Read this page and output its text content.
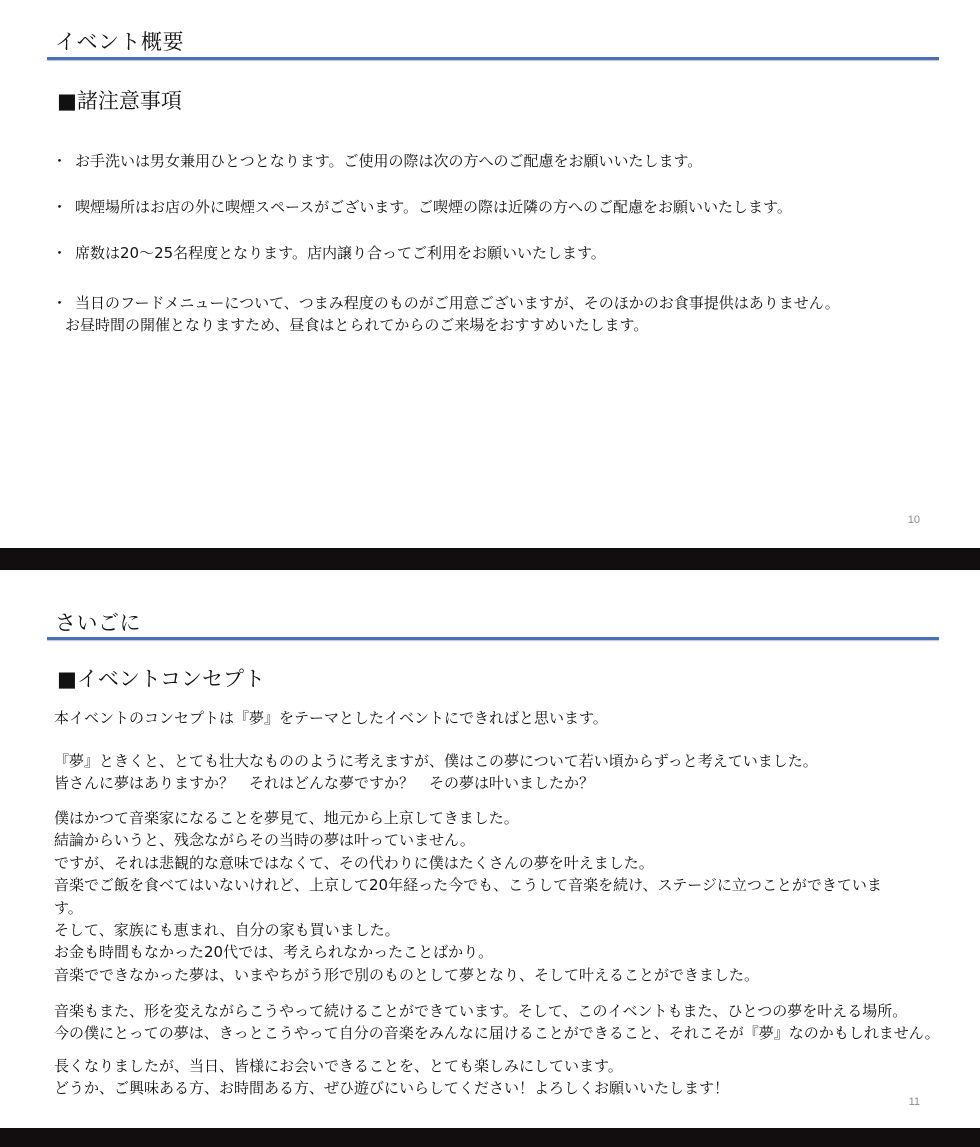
イベント概要
■諸注意事項
・ お手洗いは男女兼用ひとつとなります。ご使用の際は次の方へのご配慮をお願いいたします。
・ 喫煙場所はお店の外に喫煙スペースがございます。ご喫煙の際は近隣の方へのご配慮をお願いいたします。
・ 席数は20～25名程度となります。店内譲り合ってご利用をお願いいたします。
・ 当日のフードメニューについて、つまみ程度のものがご用意ございますが、そのほかのお食事提供はありません。
お昼時間の開催となりますため、昼食はとられてからのご来場をおすすめいたします。
10
さいごに
■イベントコンセプト
本イベントのコンセプトは『夢』をテーマとしたイベントにできればと思います。
『夢』ときくと、とても壮大なもののように考えますが、僕はこの夢について若い頃からずっと考えていました。
皆さんに夢はありますか？　それはどんな夢ですか？　その夢は叶いましたか？
僕はかつて音楽家になることを夢見て、地元から上京してきました。
結論からいうと、残念ながらその当時の夢は叶っていません。
ですが、それは悲観的な意味ではなくて、その代わりに僕はたくさんの夢を叶えました。
音楽でご飯を食べてはいないけれど、上京して20年経った今でも、こうして音楽を続け、ステージに立つことができていま
す。
そして、家族にも恵まれ、自分の家も買いました。
お金も時間もなかった20代では、考えられなかったことばかり。
音楽でできなかった夢は、いまやちがう形で別のものとして夢となり、そして叶えることができました。
音楽もまた、形を変えながらこうやって続けることができています。そして、このイベントもまた、ひとつの夢を叶える場所。
今の僕にとっての夢は、きっとこうやって自分の音楽をみんなに届けることができること、それこそが『夢』なのかもしれません。
長くなりましたが、当日、皆様にお会いできることを、とても楽しみにしています。
どうか、ご興味ある方、お時間ある方、ぜひ遊びにいらしてください！よろしくお願いいたします！
11
